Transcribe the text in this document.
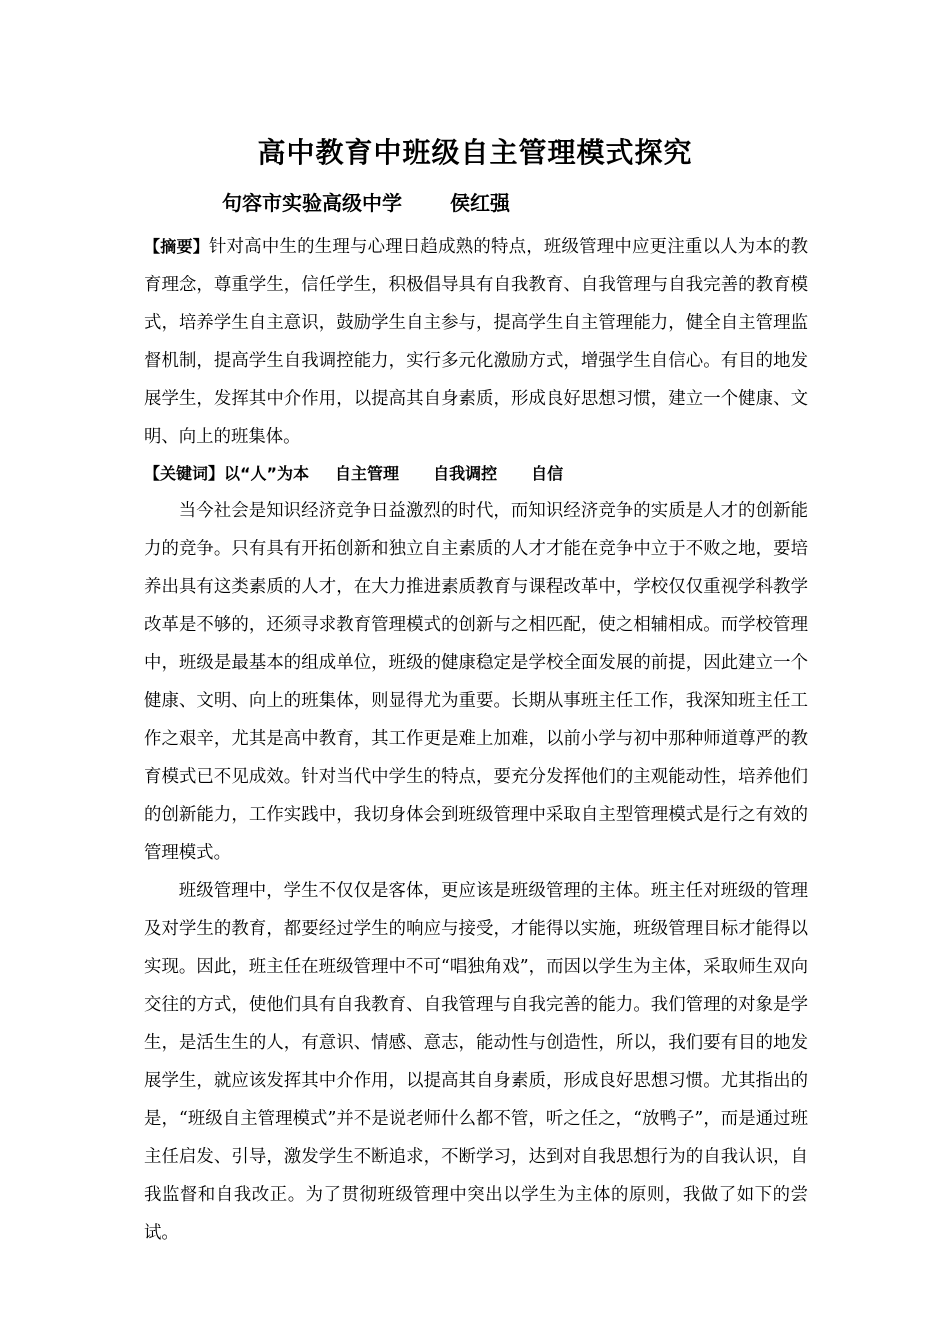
高中教育中班级自主管理模式探究
句容市实验高级中学 侯红强

【摘要】针对高中生的生理与心理日趋成熟的特点，班级管理中应更注重以人为本的教育理念，尊重学生，信任学生，积极倡导具有自我教育、自我管理与自我完善的教育模式，培养学生自主意识，鼓励学生自主参与，提高学生自主管理能力，健全自主管理监督机制，提高学生自我调控能力，实行多元化激励方式，增强学生自信心。有目的地发展学生，发挥其中介作用，以提高其自身素质，形成良好思想习惯，建立一个健康、文明、向上的班集体。

【关键词】以“人”为本 自主管理 自我调控 自信

当今社会是知识经济竞争日益激烈的时代，而知识经济竞争的实质是人才的创新能力的竞争。只有具有开拓创新和独立自主素质的人才才能在竞争中立于不败之地，要培养出具有这类素质的人才，在大力推进素质教育与课程改革中，学校仅仅重视学科教学改革是不够的，还须寻求教育管理模式的创新与之相匹配，使之相辅相成。而学校管理中，班级是最基本的组成单位，班级的健康稳定是学校全面发展的前提，因此建立一个健康、文明、向上的班集体，则显得尤为重要。长期从事班主任工作，我深知班主任工作之艰辛，尤其是高中教育，其工作更是难上加难，以前小学与初中那种师道尊严的教育模式已不见成效。针对当代中学生的特点，要充分发挥他们的主观能动性，培养他们的创新能力，工作实践中，我切身体会到班级管理中采取自主型管理模式是行之有效的管理模式。

班级管理中，学生不仅仅是客体，更应该是班级管理的主体。班主任对班级的管理及对学生的教育，都要经过学生的响应与接受，才能得以实施，班级管理目标才能得以实现。因此，班主任在班级管理中不可“唱独角戏”，而因以学生为主体，采取师生双向交往的方式，使他们具有自我教育、自我管理与自我完善的能力。我们管理的对象是学生，是活生生的人，有意识、情感、意志，能动性与创造性，所以，我们要有目的地发展学生，就应该发挥其中介作用，以提高其自身素质，形成良好思想习惯。尤其指出的是，“班级自主管理模式”并不是说老师什么都不管，听之任之，“放鸭子”，而是通过班主任启发、引导，激发学生不断追求，不断学习，达到对自我思想行为的自我认识，自我监督和自我改正。为了贯彻班级管理中突出以学生为主体的原则，我做了如下的尝试。
